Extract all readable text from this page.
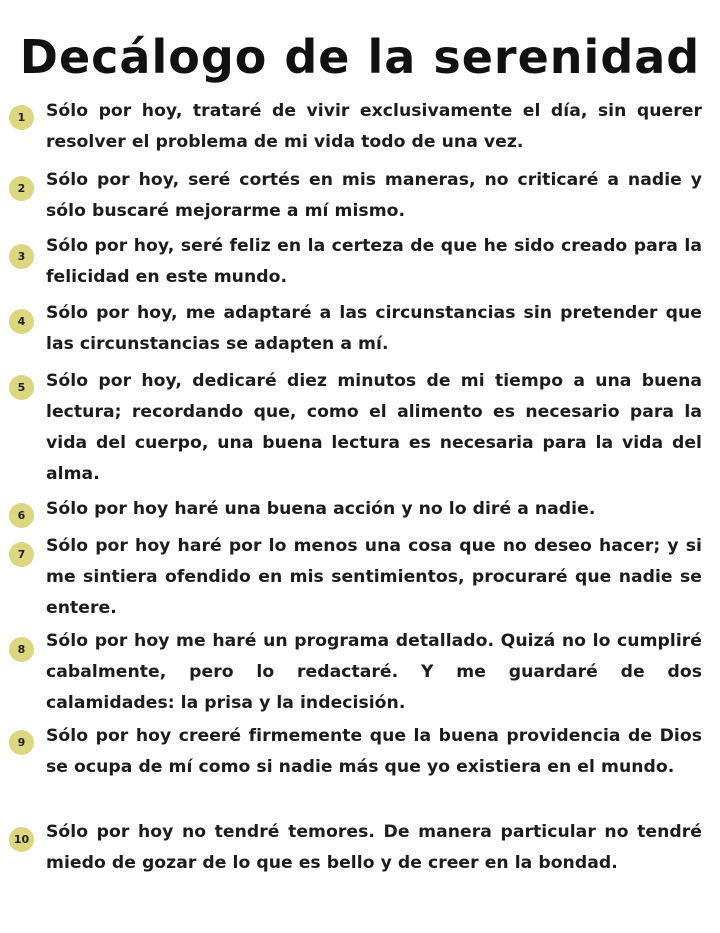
Decálogo de la serenidad
1	Sólo por hoy, trataré de vivir exclusivamente el día, sin querer resolver el problema de mi vida todo de una vez.
2	Sólo por hoy, seré cortés en mis maneras, no criticaré a nadie y sólo buscaré mejorarme a mí mismo.
3
Sólo por hoy, seré feliz en la certeza de que he sido creado para la felicidad en este mundo.
4	Sólo por hoy, me adaptaré a las circunstancias sin pretender que las circunstancias se adapten a mí.
5	Sólo por hoy, dedicaré diez minutos de mi tiempo a una buena lectura; recordando que, como el alimento es necesario para la vida del cuerpo, una buena lectura es necesaria para la vida del alma.
6	Sólo por hoy haré una buena acción y no lo diré a nadie.
7	Sólo por hoy haré por lo menos una cosa que no deseo hacer; y si me sintiera ofendido en mis sentimientos, procuraré que nadie se entere.
8	Sólo por hoy me haré un programa detallado. Quizá no lo cumpliré cabalmente, pero lo redactaré. Y me guardaré de dos calamidades: la prisa y la indecisión.
9	Sólo por hoy creeré firmemente que la buena providencia de Dios se ocupa de mí como si nadie más que yo existiera en el mundo.
10 Sólo por hoy no tendré temores. De manera particular no tendré miedo de gozar de lo que es bello y de creer en la bondad.
